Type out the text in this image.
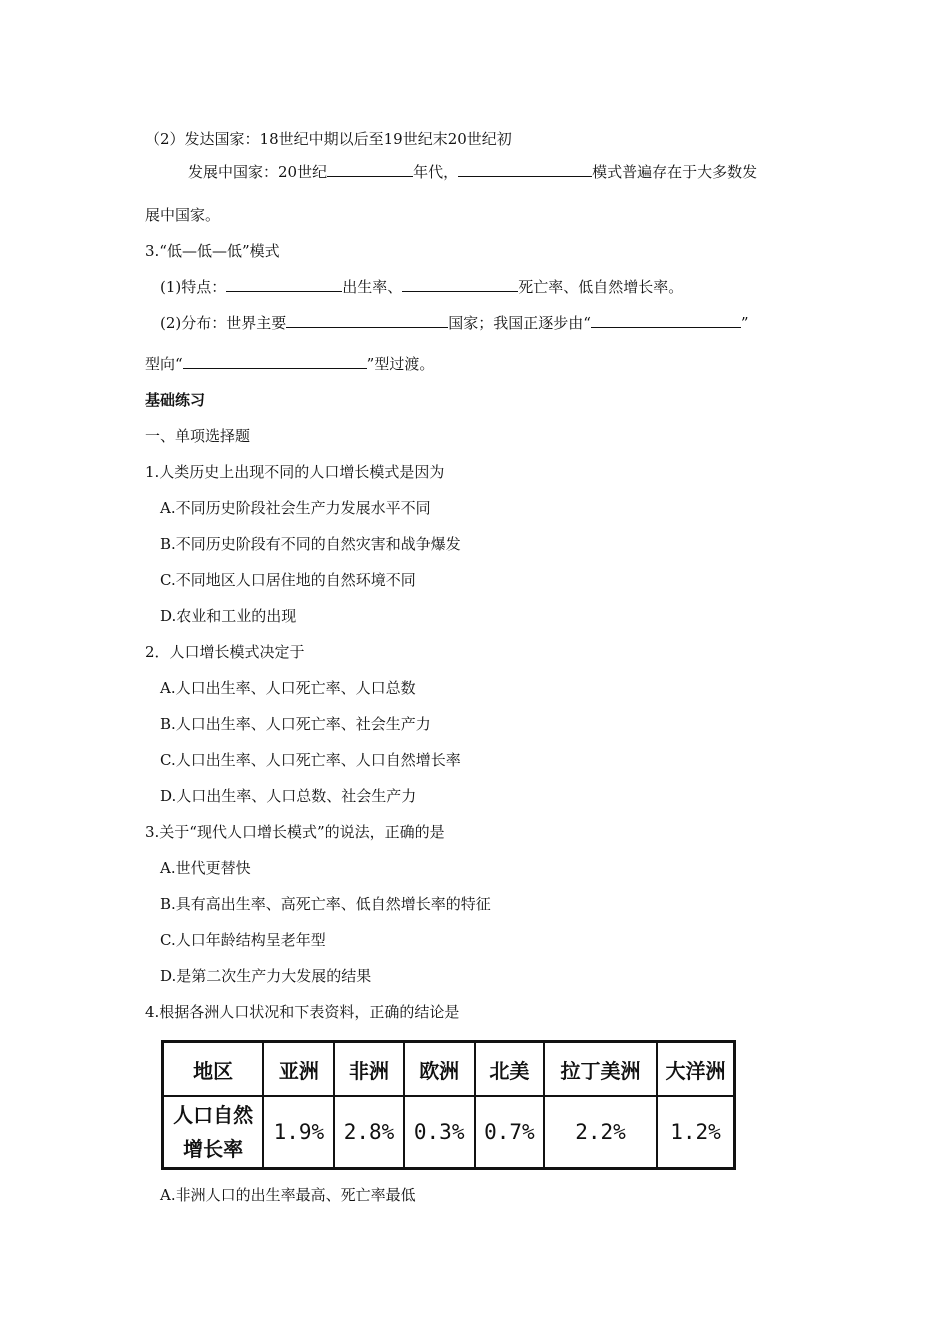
（2）发达国家：18世纪中期以后至19世纪末20世纪初
发展中国家：20世纪	年代，	模式普遍存在于大多数发
展中国家。
3.“低—低—低”模式
(1)特点：	出生率、	死亡率、低自然增长率。
(2)分布：世界主要	国家；我国正逐步由“	”
型向“	”型过渡。
基础练习
一、单项选择题
1.人类历史上出现不同的人口增长模式是因为
A.不同历史阶段社会生产力发展水平不同
B.不同历史阶段有不同的自然灾害和战争爆发
C.不同地区人口居住地的自然环境不同
D.农业和工业的出现
2．人口增长模式决定于
A.人口出生率、人口死亡率、人口总数
B.人口出生率、人口死亡率、社会生产力
C.人口出生率、人口死亡率、人口自然增长率
D.人口出生率、人口总数、社会生产力
3.关于“现代人口增长模式”的说法，正确的是
A.世代更替快
B.具有高出生率、高死亡率、低自然增长率的特征
C.人口年龄结构呈老年型
D.是第二次生产力大发展的结果
4.根据各洲人口状况和下表资料，正确的结论是
地区	亚洲	非洲	欧洲	北美	拉丁美洲	大洋洲
人口自然
增长率	1.9%	2.8%	0.3%	0.7%	2.2%	1.2%
A.非洲人口的出生率最高、死亡率最低
